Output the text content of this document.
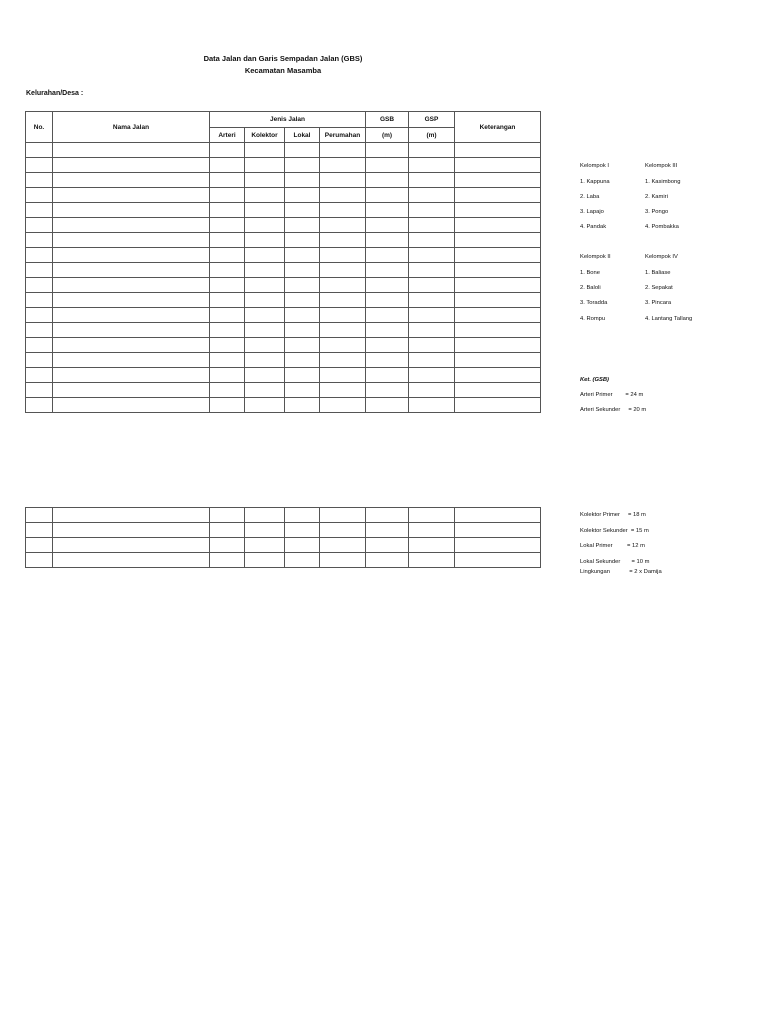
Data Jalan dan Garis Sempadan Jalan (GBS)
Kecamatan Masamba
Kelurahan/Desa :
No.	Nama Jalan	Jenis Jalan				GSB	GSP	Keterangan
		Arteri	Kolektor	Lokal	Perumahan	(m)	(m)	

Kelompok I	Kelompok III
1. Kappuna	1. Kasimbong
2. Laba	2. Kamiri
3. Lapajo	3. Pongo
4. Pandak	4. Pombakka
Kelompok II	Kelompok IV
1. Bone	1. Baliase
2. Baloli	2. Sepakat
3. Toradda	3. Pincara
4. Rompu	4. Lantang Tallang
Ket. (GSB)
Arteri Primer        = 24 m
Arteri Sekunder     = 20 m
Kolektor Primer     = 18 m
Kolektor Sekunder  = 15 m
Lokal Primer         = 12 m
Lokal Sekunder       = 10 m
Lingkungan            = 2 x Damija
